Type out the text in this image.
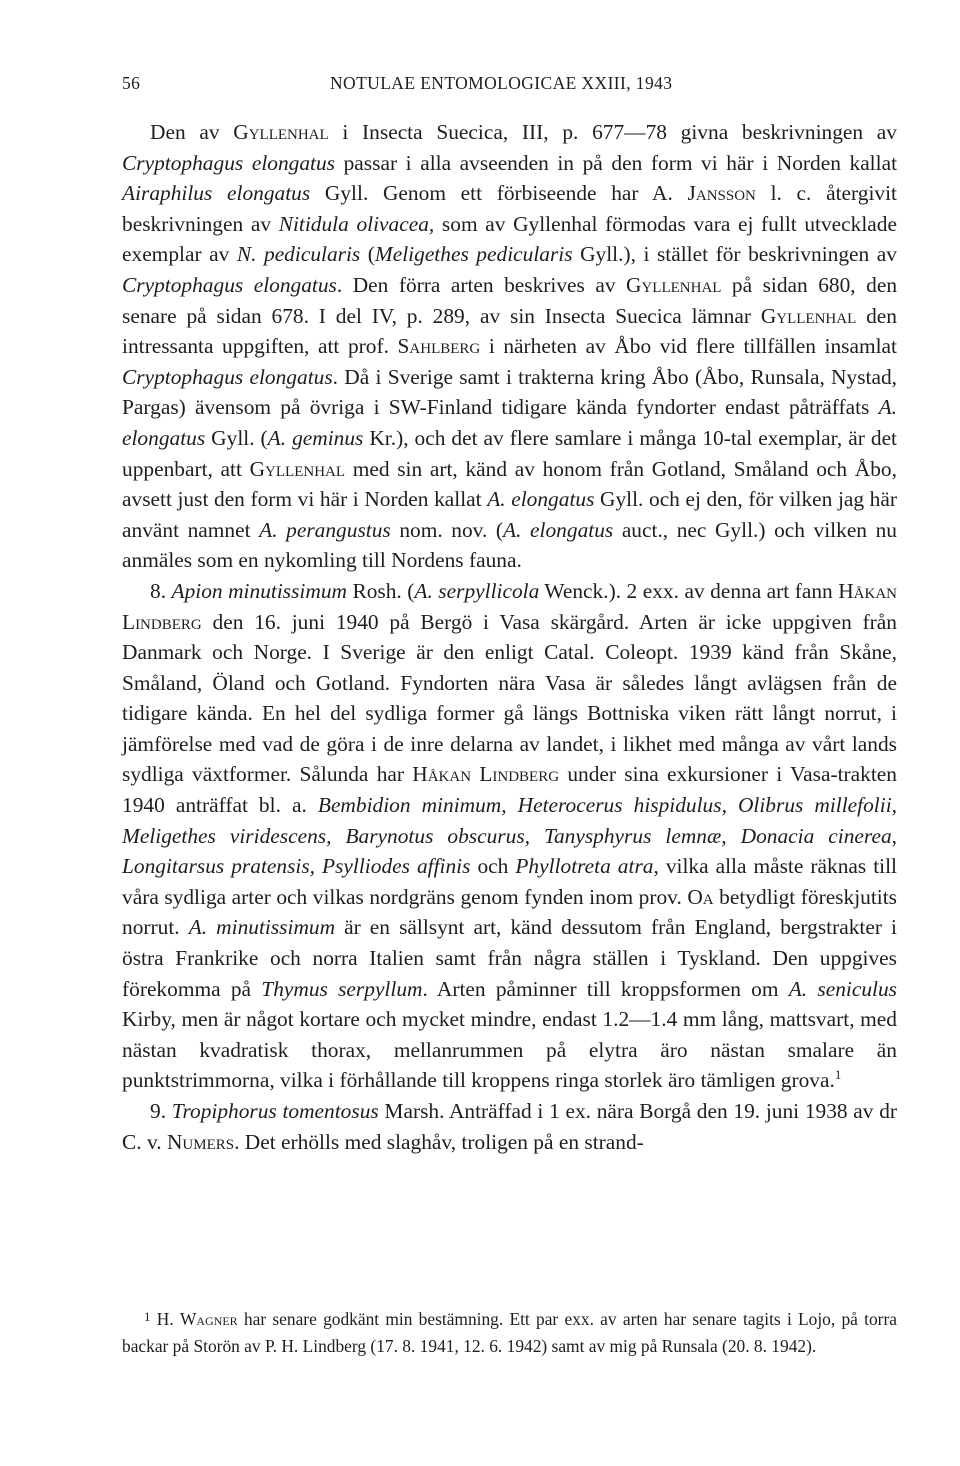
56	NOTULAE ENTOMOLOGICAE XXIII, 1943

Den av Gyllenhal i Insecta Suecica, III, p. 677—78 givna beskrivningen av Cryptophagus elongatus passar i alla avseenden in på den form vi här i Norden kallat Airaphilus elongatus Gyll. Genom ett förbiseende har A. Jansson l. c. återgivit beskrivningen av Nitidula olivacea, som av Gyllenhal förmodas vara ej fullt utvecklade exemplar av N. pedicularis (Meligethes pedicularis Gyll.), i stället för beskrivningen av Cryptophagus elongatus. Den förra arten beskrives av Gyllenhal på sidan 680, den senare på sidan 678. I del IV, p. 289, av sin Insecta Suecica lämnar Gyllenhal den intressanta uppgiften, att prof. Sahlberg i närheten av Åbo vid flere tillfällen insamlat Cryptophagus elongatus. Då i Sverige samt i trakterna kring Åbo (Åbo, Runsala, Nystad, Pargas) ävensom på övriga i SW-Finland tidigare kända fyndorter endast påträffats A. elongatus Gyll. (A. geminus Kr.), och det av flere samlare i många 10-tal exemplar, är det uppenbart, att Gyllenhal med sin art, känd av honom från Gotland, Småland och Åbo, avsett just den form vi här i Norden kallat A. elongatus Gyll. och ej den, för vilken jag här använt namnet A. perangustus nom. nov. (A. elongatus auct., nec Gyll.) och vilken nu anmäles som en nykomling till Nordens fauna.

8. Apion minutissimum Rosh. (A. serpyllicola Wenck.). 2 exx. av denna art fann Håkan Lindberg den 16. juni 1940 på Bergö i Vasa skärgård. Arten är icke uppgiven från Danmark och Norge. I Sverige är den enligt Catal. Coleopt. 1939 känd från Skåne, Småland, Öland och Gotland. Fyndorten nära Vasa är således långt avlägsen från de tidigare kända. En hel del sydliga former gå längs Bottniska viken rätt långt norrut, i jämförelse med vad de göra i de inre delarna av landet, i likhet med många av vårt lands sydliga växtformer. Sålunda har Håkan Lindberg under sina exkursioner i Vasa-trakten 1940 anträffat bl. a. Bembidion minimum, Heterocerus hispidulus, Olibrus millefolii, Meligethes viridescens, Barynotus obscurus, Tanysphyrus lemnæ, Donacia cinerea, Longitarsus pratensis, Psylliodes affinis och Phyllotreta atra, vilka alla måste räknas till våra sydliga arter och vilkas nordgräns genom fynden inom prov. Oa betydligt föreskjutits norrut. A. minutissimum är en sällsynt art, känd dessutom från England, bergstrakter i östra Frankrike och norra Italien samt från några ställen i Tyskland. Den uppgives förekomma på Thymus serpyllum. Arten påminner till kroppsformen om A. seniculus Kirby, men är något kortare och mycket mindre, endast 1.2—1.4 mm lång, mattsvart, med nästan kvadratisk thorax, mellanrummen på elytra äro nästan smalare än punktstrimmorna, vilka i förhållande till kroppens ringa storlek äro tämligen grova.$^1$

9. Tropiphorus tomentosus Marsh. Anträffad i 1 ex. nära Borgå den 19. juni 1938 av dr C. v. Numers. Det erhölls med slaghåv, troligen på en strand-

$^1$ H. Wagner har senare godkänt min bestämning. Ett par exx. av arten har senare tagits i Lojo, på torra backar på Storön av P. H. Lindberg (17. 8. 1941, 12. 6. 1942) samt av mig på Runsala (20. 8. 1942).
